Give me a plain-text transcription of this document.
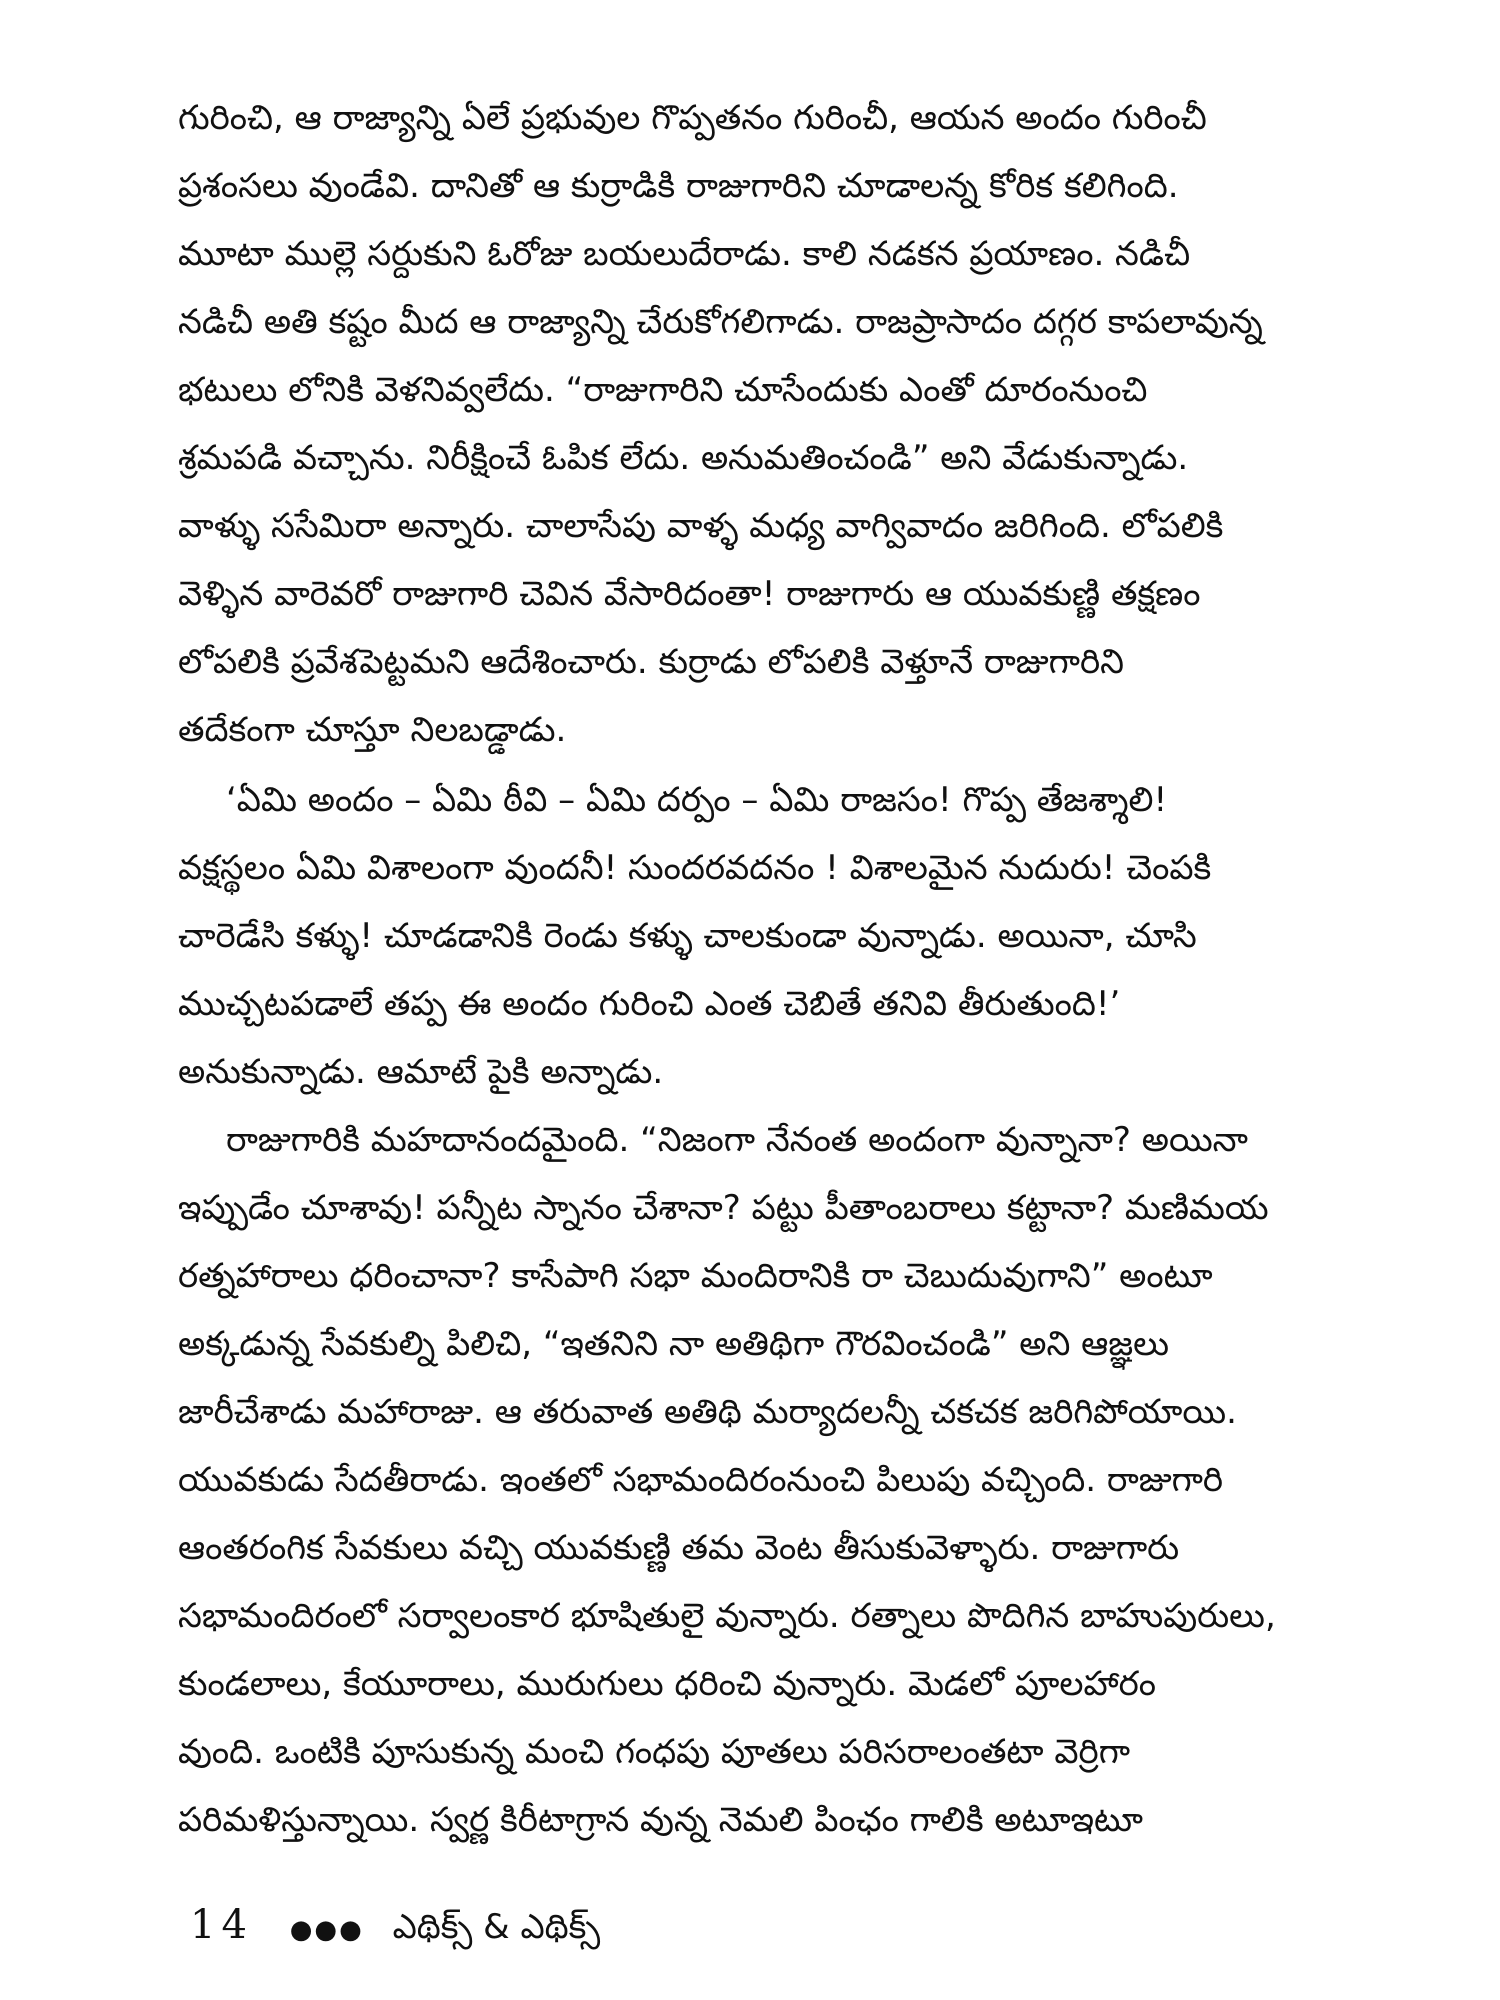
గురించి, ఆ రాజ్యాన్ని ఏలే ప్రభువుల గొప్పతనం గురించీ, ఆయన అందం గురించీ
ప్రశంసలు వుండేవి. దానితో ఆ కుర్రాడికి రాజుగారిని చూడాలన్న కోరిక కలిగింది.
మూటా ముల్లె సర్దుకుని ఓరోజు బయలుదేరాడు. కాలి నడకన ప్రయాణం. నడిచీ
నడిచీ అతి కష్టం మీద ఆ రాజ్యాన్ని చేరుకోగలిగాడు. రాజప్రాసాదం దగ్గర కాపలావున్న
భటులు లోనికి వెళనివ్వలేదు. “రాజుగారిని చూసేందుకు ఎంతో దూరంనుంచి
శ్రమపడి వచ్చాను. నిరీక్షించే ఓపిక లేదు. అనుమతించండి” అని వేడుకున్నాడు.
వాళ్ళు ససేమిరా అన్నారు. చాలాసేపు వాళ్ళ మధ్య వాగ్వివాదం జరిగింది. లోపలికి
వెళ్ళిన వారెవరో రాజుగారి చెవిన వేసారిదంతా! రాజుగారు ఆ యువకుణ్ణి తక్షణం
లోపలికి ప్రవేశపెట్టమని ఆదేశించారు. కుర్రాడు లోపలికి వెళ్తూనే రాజుగారిని
తదేకంగా చూస్తూ నిలబడ్డాడు.
‘ఏమి అందం – ఏమి ఠీవి – ఏమి దర్పం – ఏమి రాజసం! గొప్ప తేజశ్శాలి!
వక్షస్థలం ఏమి విశాలంగా వుందనీ! సుందరవదనం ! విశాలమైన నుదురు! చెంపకి
చారెడేసి కళ్ళు! చూడడానికి రెండు కళ్ళు చాలకుండా వున్నాడు. అయినా, చూసి
ముచ్చటపడాలే తప్ప ఈ అందం గురించి ఎంత చెబితే తనివి తీరుతుంది!’
అనుకున్నాడు. ఆమాటే పైకి అన్నాడు.
రాజుగారికి మహదానందమైంది. “నిజంగా నేనంత అందంగా వున్నానా? అయినా
ఇప్పుడేం చూశావు! పన్నీట స్నానం చేశానా? పట్టు పీతాంబరాలు కట్టానా? మణిమయ
రత్నహారాలు ధరించానా? కాసేపాగి సభా మందిరానికి రా చెబుదువుగాని” అంటూ
అక్కడున్న సేవకుల్ని పిలిచి, “ఇతనిని నా అతిథిగా గౌరవించండి” అని ఆజ్ఞలు
జారీచేశాడు మహారాజు. ఆ తరువాత అతిథి మర్యాదలన్నీ చకచక జరిగిపోయాయి.
యువకుడు సేదతీరాడు. ఇంతలో సభామందిరంనుంచి పిలుపు వచ్చింది. రాజుగారి
ఆంతరంగిక సేవకులు వచ్చి యువకుణ్ణి తమ వెంట తీసుకువెళ్ళారు. రాజుగారు
సభామందిరంలో సర్వాలంకార భూషితులై వున్నారు. రత్నాలు పొదిగిన బాహుపురులు,
కుండలాలు, కేయూరాలు, మురుగులు ధరించి వున్నారు. మెడలో పూలహారం
వుంది. ఒంటికి పూసుకున్న మంచి గంధపు పూతలు పరిసరాలంతటా వెర్రిగా
పరిమళిస్తున్నాయి. స్వర్ణ కిరీటాగ్రాన వున్న నెమలి పింఛం గాలికి అటూఇటూ
14 ●●● ఎథిక్స్ & ఎథిక్స్
